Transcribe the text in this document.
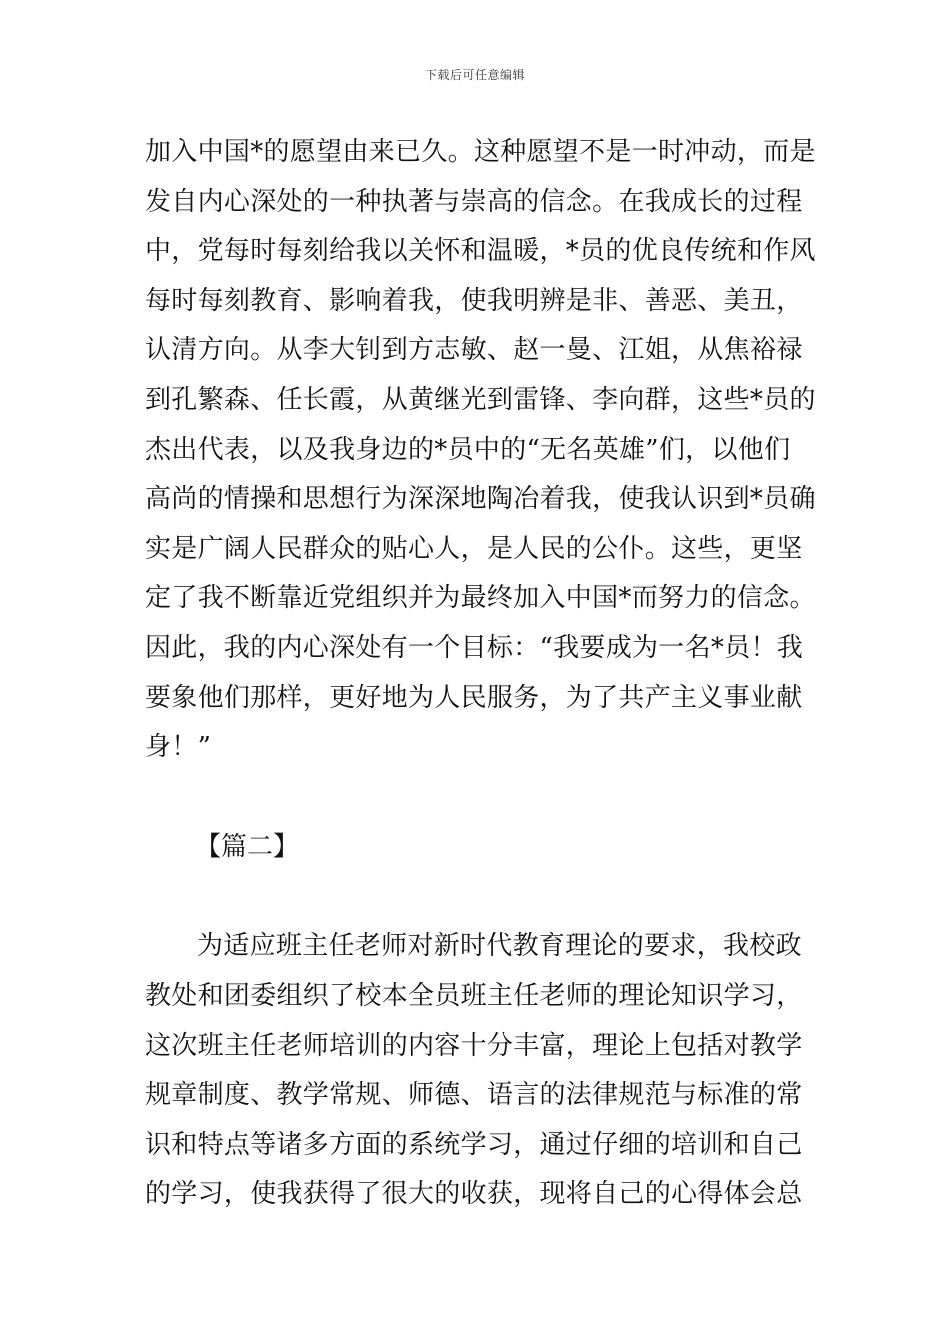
下载后可任意编辑
加入中国*的愿望由来已久。这种愿望不是一时冲动，而是
发自内心深处的一种执著与崇高的信念。在我成长的过程
中，党每时每刻给我以关怀和温暖，*员的优良传统和作风
每时每刻教育、影响着我，使我明辨是非、善恶、美丑，
认清方向。从李大钊到方志敏、赵一曼、江姐，从焦裕禄
到孔繁森、任长霞，从黄继光到雷锋、李向群，这些*员的
杰出代表，以及我身边的*员中的“无名英雄”们，以他们
高尚的情操和思想行为深深地陶冶着我，使我认识到*员确
实是广阔人民群众的贴心人，是人民的公仆。这些，更坚
定了我不断靠近党组织并为最终加入中国*而努力的信念。
因此，我的内心深处有一个目标：“我要成为一名*员！我
要象他们那样，更好地为人民服务，为了共产主义事业献
身！”
【篇二】
为适应班主任老师对新时代教育理论的要求，我校政
教处和团委组织了校本全员班主任老师的理论知识学习，
这次班主任老师培训的内容十分丰富，理论上包括对教学
规章制度、教学常规、师德、语言的法律规范与标准的常
识和特点等诸多方面的系统学习，通过仔细的培训和自己
的学习，使我获得了很大的收获，现将自己的心得体会总
